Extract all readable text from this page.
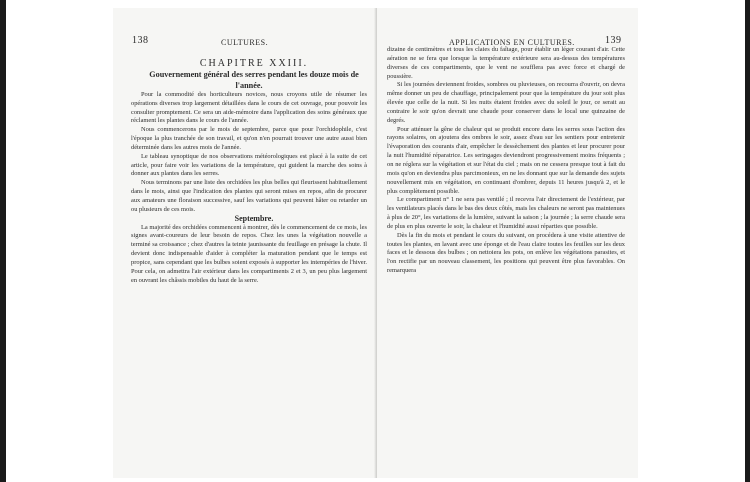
138	CULTURES.

CHAPITRE XXIII.

Gouvernement général des serres pendant les douze mois de l'année.

Pour la commodité des horticulteurs novices, nous croyons utile de résumer les opérations diverses trop largement détaillées dans le cours de cet ouvrage, pour pouvoir les consulter promptement. Ce sera un aide-mémoire dans l'application des soins généraux que réclament les plantes dans le cours de l'année.

Nous commencerons par le mois de septembre, parce que pour l'orchidophile, c'est l'époque la plus tranchée de son travail, et qu'on n'en pourrait trouver une autre aussi bien déterminée dans les autres mois de l'année.

Le tableau synoptique de nos observations météorologiques est placé à la suite de cet article, pour faire voir les variations de la température, qui guident la marche des soins à donner aux plantes dans les serres.

Nous terminons par une liste des orchidées les plus belles qui fleurissent habituellement dans le mois, ainsi que l'indication des plantes qui seront mises en repos, afin de procurer aux amateurs une floraison successive, sauf les variations qui peuvent hâter ou retarder un ou plusieurs de ces mois.

Septembre.

La majorité des orchidées commencent à montrer, dès le commencement de ce mois, les signes avant-coureurs de leur besoin de repos. Chez les unes la végétation nouvelle a terminé sa croissance ; chez d'autres la teinte jaunissante du feuillage en présage la chute. Il devient donc indispensable d'aider à compléter la maturation pendant que le temps est propice, sans cependant que les bulbes soient exposés à supporter les intempéries de l'hiver. Pour cela, on admettra l'air extérieur dans les compartiments 2 et 3, un peu plus largement en ouvrant les châssis mobiles du haut de la serre.

APPLICATIONS EN CULTURES.	139

dizaine de centimètres et tous les claies du faîtage, pour établir un léger courant d'air. Cette aération ne se fera que lorsque la température extérieure sera au-dessus des températures diverses de ces compartiments, que le vent ne soufflera pas avec force et chargé de poussière.

Si les journées deviennent froides, sombres ou pluvieuses, on recourra d'ouvrir, on devra même donner un peu de chauffage, principalement pour que la température du jour soit plus élevée que celle de la nuit. Si les nuits étaient froides avec du soleil le jour, ce serait au contraire le soir qu'on devrait une chaude pour conserver dans le local une quinzaine de degrés.

Pour atténuer la gêne de chaleur qui se produit encore dans les serres sous l'action des rayons solaires, on ajoutera des ombres le soir, assez d'eau sur les sentiers pour entretenir l'évaporation des courants d'air, empêcher le dessèchement des plantes et leur procurer pour la nuit l'humidité réparatrice. Les seringages deviendront progressivement moins fréquents ; on ne réglera sur la végétation et sur l'état du ciel ; mais on ne cessera presque tout à fait du mois qu'on en deviendra plus parcimonieux, en ne les donnant que sur la demande des sujets nouvellement mis en végétation, en continuant d'ombrer, depuis 11 heures jusqu'à 2, et le plus complètement possible.

Le compartiment n° 1 ne sera pas ventilé ; il recevra l'air directement de l'extérieur, par les ventilateurs placés dans le bas des deux côtés, mais les chaleurs ne seront pas maintenues à plus de 20°, les variations de la lumière, suivant la saison ; la journée ; la serre chaude sera de plus en plus ouverte le soir, la chaleur et l'humidité aussi réparties que possible.

Dès la fin du mois et pendant le cours du suivant, on procédera à une visite attentive de toutes les plantes, en lavant avec une éponge et de l'eau claire toutes les feuilles sur les deux faces et le dessous des bulbes ; on nettoiera les pots, on enlève les végétations parasites, et l'on rectifie par un nouveau classement, les positions qui peuvent être plus favorables. On remarquera
